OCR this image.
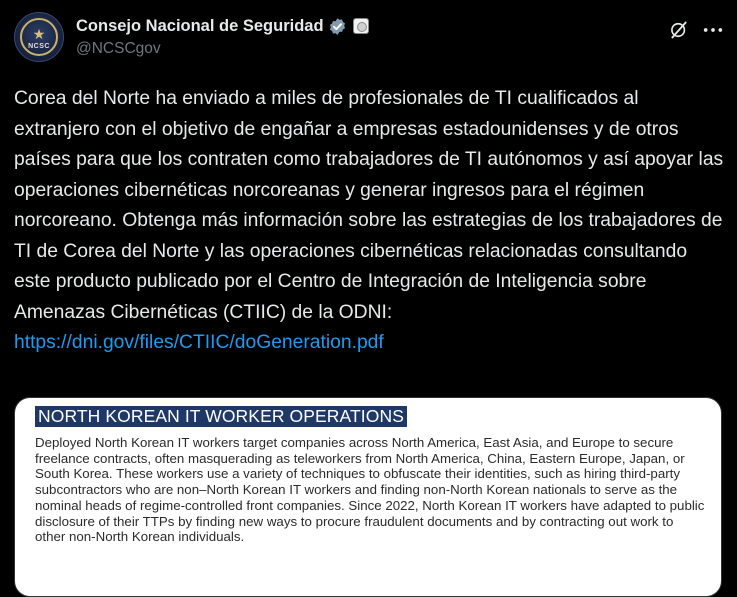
★
NCSC
Consejo Nacional de Seguridad
@NCSCgov
Corea del Norte ha enviado a miles de profesionales de TI cualificados al extranjero con el objetivo de engañar a empresas estadounidenses y de otros países para que los contraten como trabajadores de TI autónomos y así apoyar las operaciones cibernéticas norcoreanas y generar ingresos para el régimen norcoreano. Obtenga más información sobre las estrategias de los trabajadores de TI de Corea del Norte y las operaciones cibernéticas relacionadas consultando este producto publicado por el Centro de Integración de Inteligencia sobre Amenazas Cibernéticas (CTIIC) de la ODNI: https://dni.gov/files/CTIIC/doGeneration.pdf
NORTH KOREAN IT WORKER OPERATIONS
Deployed North Korean IT workers target companies across North America, East Asia, and Europe to secure freelance contracts, often masquerading as teleworkers from North America, China, Eastern Europe, Japan, or South Korea. These workers use a variety of techniques to obfuscate their identities, such as hiring third-party subcontractors who are non–North Korean IT workers and finding non-North Korean nationals to serve as the nominal heads of regime-controlled front companies. Since 2022, North Korean IT workers have adapted to public disclosure of their TTPs by finding new ways to procure fraudulent documents and by contracting out work to other non-North Korean individuals.
